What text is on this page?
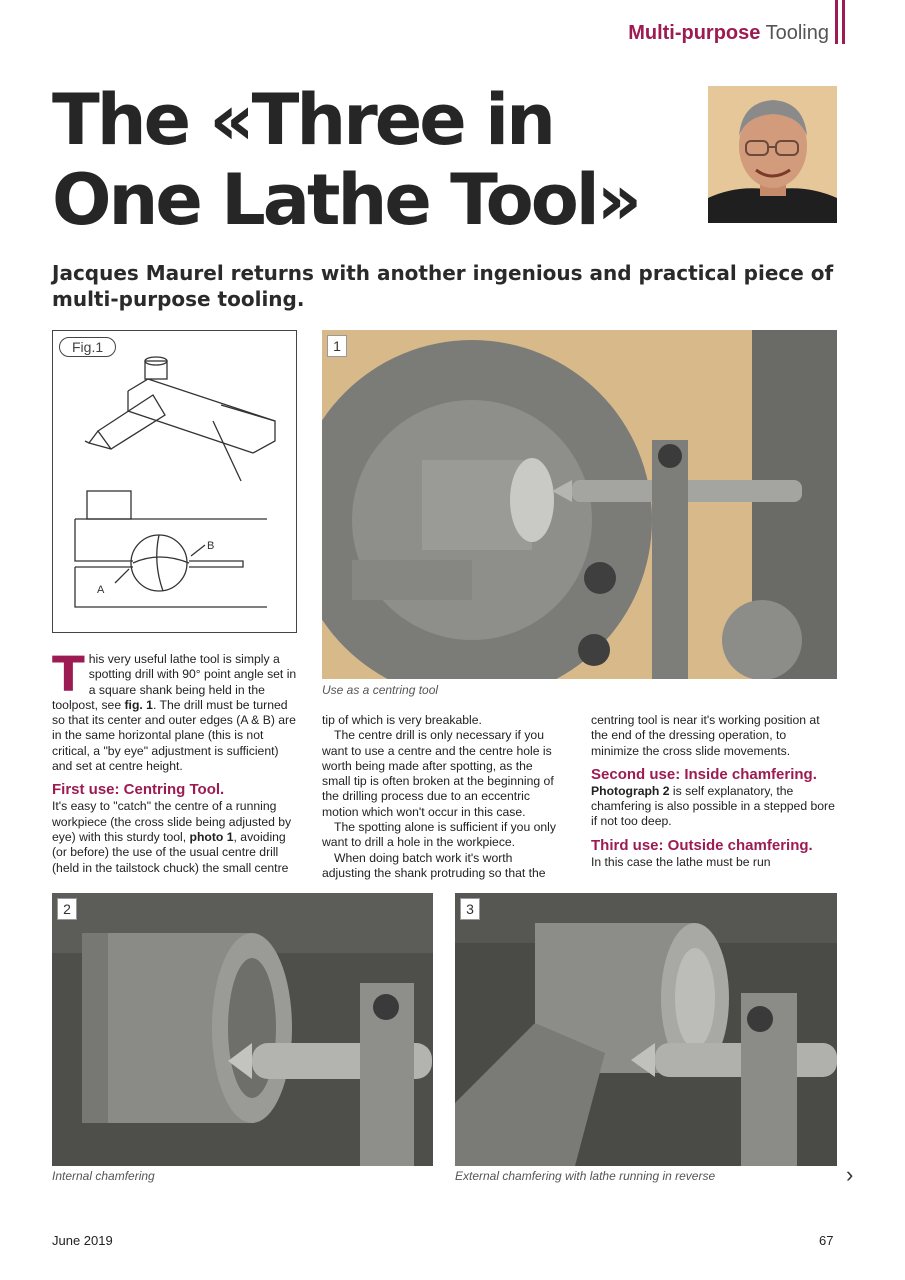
Multi-purpose Tooling
The «Three in One Lathe Tool»
Jacques Maurel returns with another ingenious and practical piece of multi-purpose tooling.
B
A
Fig.1	1
Use as a centring tool

This very useful lathe tool is simply a spotting drill with 90° point angle set in a square shank being held in the toolpost, see fig. 1. The drill must be turned so that its center and outer edges (A & B) are in the same horizontal plane (this is not critical, a "by eye" adjustment is sufficient) and set at centre height.

First use: Centring Tool.

It's easy to "catch" the centre of a running workpiece (the cross slide being adjusted by eye) with this sturdy tool, photo 1, avoiding (or before) the use of the usual centre drill (held in the tailstock chuck) the small centre

tip of which is very breakable.

The centre drill is only necessary if you want to use a centre and the centre hole is worth being made after spotting, as the small tip is often broken at the beginning of the drilling process due to an eccentric motion which won't occur in this case.

The spotting alone is sufficient if you only want to drill a hole in the workpiece.

When doing batch work it's worth adjusting the shank protruding so that the

centring tool is near it's working position at the end of the dressing operation, to minimize the cross slide movements.

Second use: Inside chamfering.

Photograph 2 is self explanatory, the chamfering is also possible in a stepped bore if not too deep.

Third use: Outside chamfering.

In this case the lathe must be run

2
Internal chamfering
3
External chamfering with lathe running in reverse	›
June 2019	67
